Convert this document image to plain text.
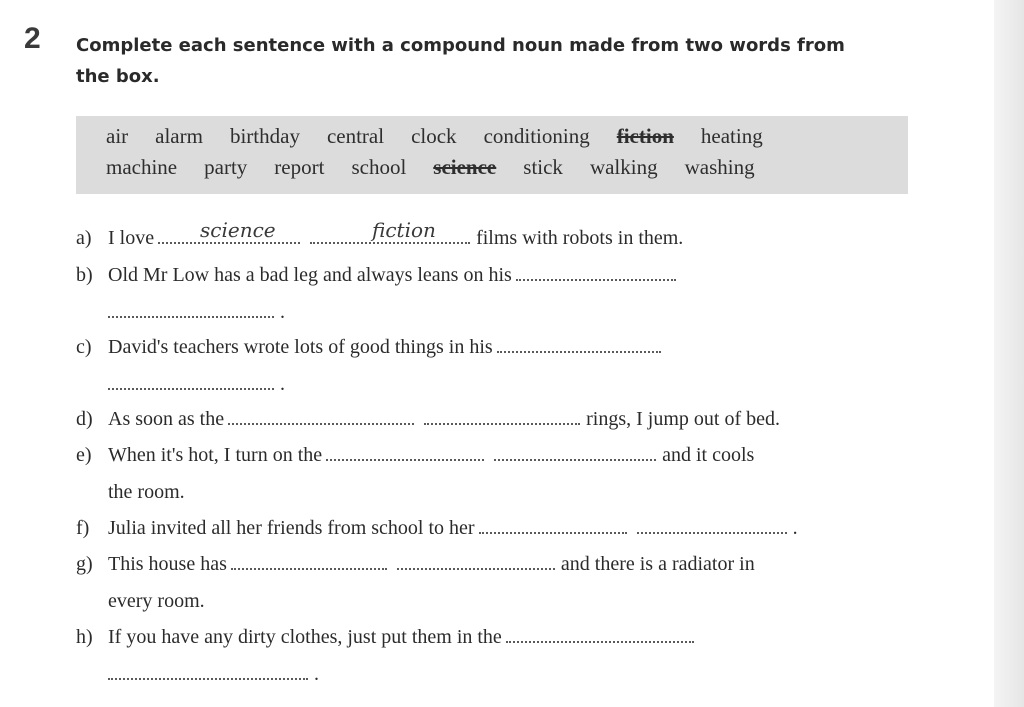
2 Complete each sentence with a compound noun made from two words from the box.
air alarm birthday central clock conditioning fiction heating
machine party report school science stick walking washing
a) I love	films with robots in them.
science	fiction
b) Old Mr Low has a bad leg and always leans on his
.
c) David's teachers wrote lots of good things in his
.
d) As soon as the	rings, I jump out of bed.
e) When it's hot, I turn on the	and it cools
the room.
f) Julia invited all her friends from school to her	.
g) This house has	and there is a radiator in
every room.
h) If you have any dirty clothes, just put them in the
.
